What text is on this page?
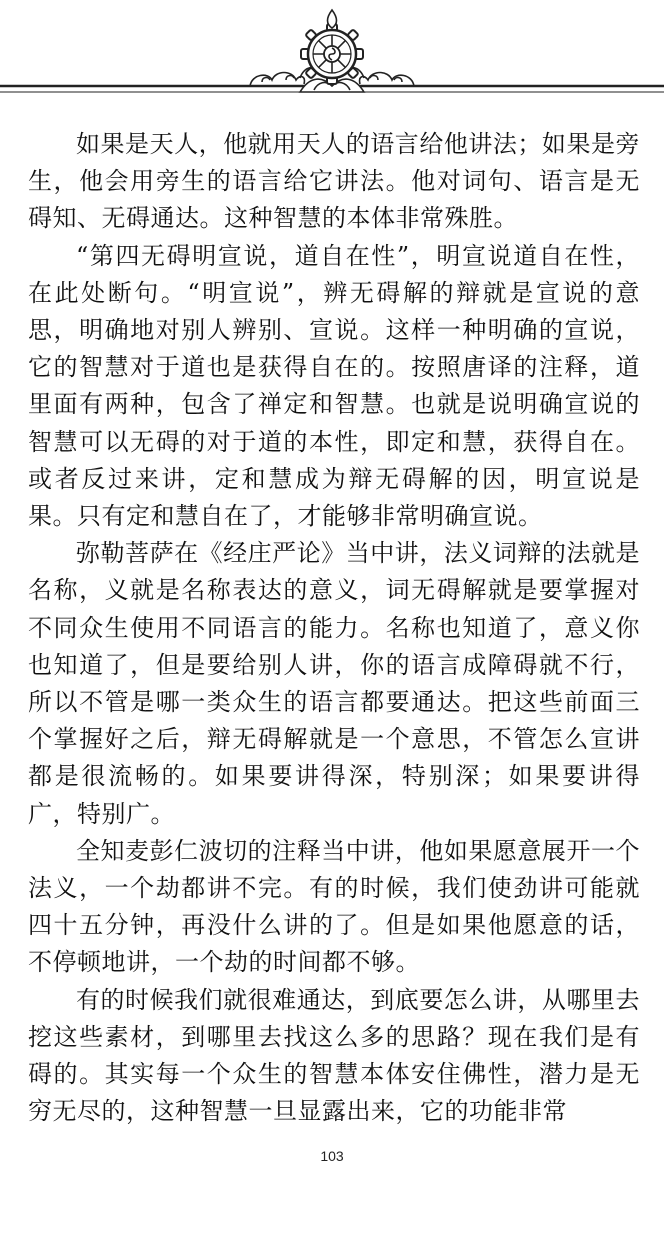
如果是天人，他就用天人的语言给他讲法；如果是旁生，他会用旁生的语言给它讲法。他对词句、语言是无碍知、无碍通达。这种智慧的本体非常殊胜。

“第四无碍明宣说，道自在性”，明宣说道自在性，在此处断句。“明宣说”，辨无碍解的辩就是宣说的意思，明确地对别人辨别、宣说。这样一种明确的宣说，它的智慧对于道也是获得自在的。按照唐译的注释，道里面有两种，包含了禅定和智慧。也就是说明确宣说的智慧可以无碍的对于道的本性，即定和慧，获得自在。或者反过来讲，定和慧成为辩无碍解的因，明宣说是果。只有定和慧自在了，才能够非常明确宣说。

弥勒菩萨在《经庄严论》当中讲，法义词辩的法就是名称，义就是名称表达的意义，词无碍解就是要掌握对不同众生使用不同语言的能力。名称也知道了，意义你也知道了，但是要给别人讲，你的语言成障碍就不行，所以不管是哪一类众生的语言都要通达。把这些前面三个掌握好之后，辩无碍解就是一个意思，不管怎么宣讲都是很流畅的。如果要讲得深，特别深；如果要讲得广，特别广。

全知麦彭仁波切的注释当中讲，他如果愿意展开一个法义，一个劫都讲不完。有的时候，我们使劲讲可能就四十五分钟，再没什么讲的了。但是如果他愿意的话，不停顿地讲，一个劫的时间都不够。

有的时候我们就很难通达，到底要怎么讲，从哪里去挖这些素材，到哪里去找这么多的思路？现在我们是有碍的。其实每一个众生的智慧本体安住佛性，潜力是无穷无尽的，这种智慧一旦显露出来，它的功能非常

103
